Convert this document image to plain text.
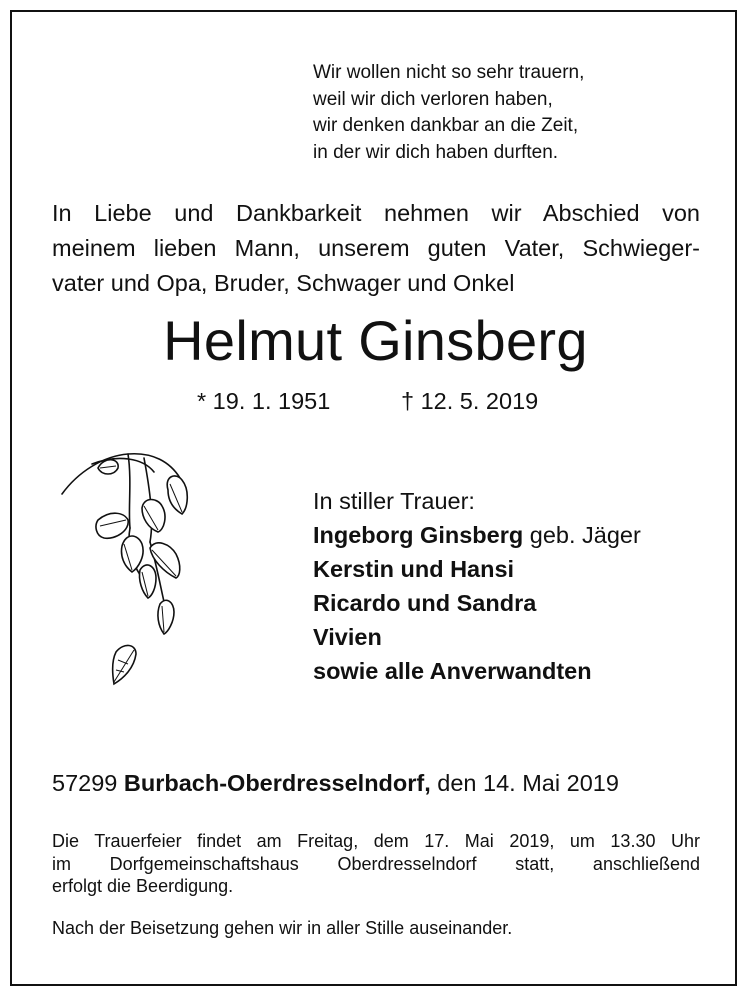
Wir wollen nicht so sehr trauern,
weil wir dich verloren haben,
wir denken dankbar an die Zeit,
in der wir dich haben durften.
In Liebe und Dankbarkeit nehmen wir Abschied von
meinem lieben Mann, unserem guten Vater, Schwieger-
vater und Opa, Bruder, Schwager und Onkel
Helmut Ginsberg
* 19. 1. 1951	† 12. 5. 2019
In stiller Trauer:
Ingeborg Ginsberg geb. Jäger
Kerstin und Hansi
Ricardo und Sandra
Vivien
sowie alle Anverwandten
57299 Burbach-Oberdresselndorf, den 14. Mai 2019
Die Trauerfeier findet am Freitag, dem 17. Mai 2019, um 13.30 Uhr
im Dorfgemeinschaftshaus Oberdresselndorf statt, anschließend
erfolgt die Beerdigung.
Nach der Beisetzung gehen wir in aller Stille auseinander.
